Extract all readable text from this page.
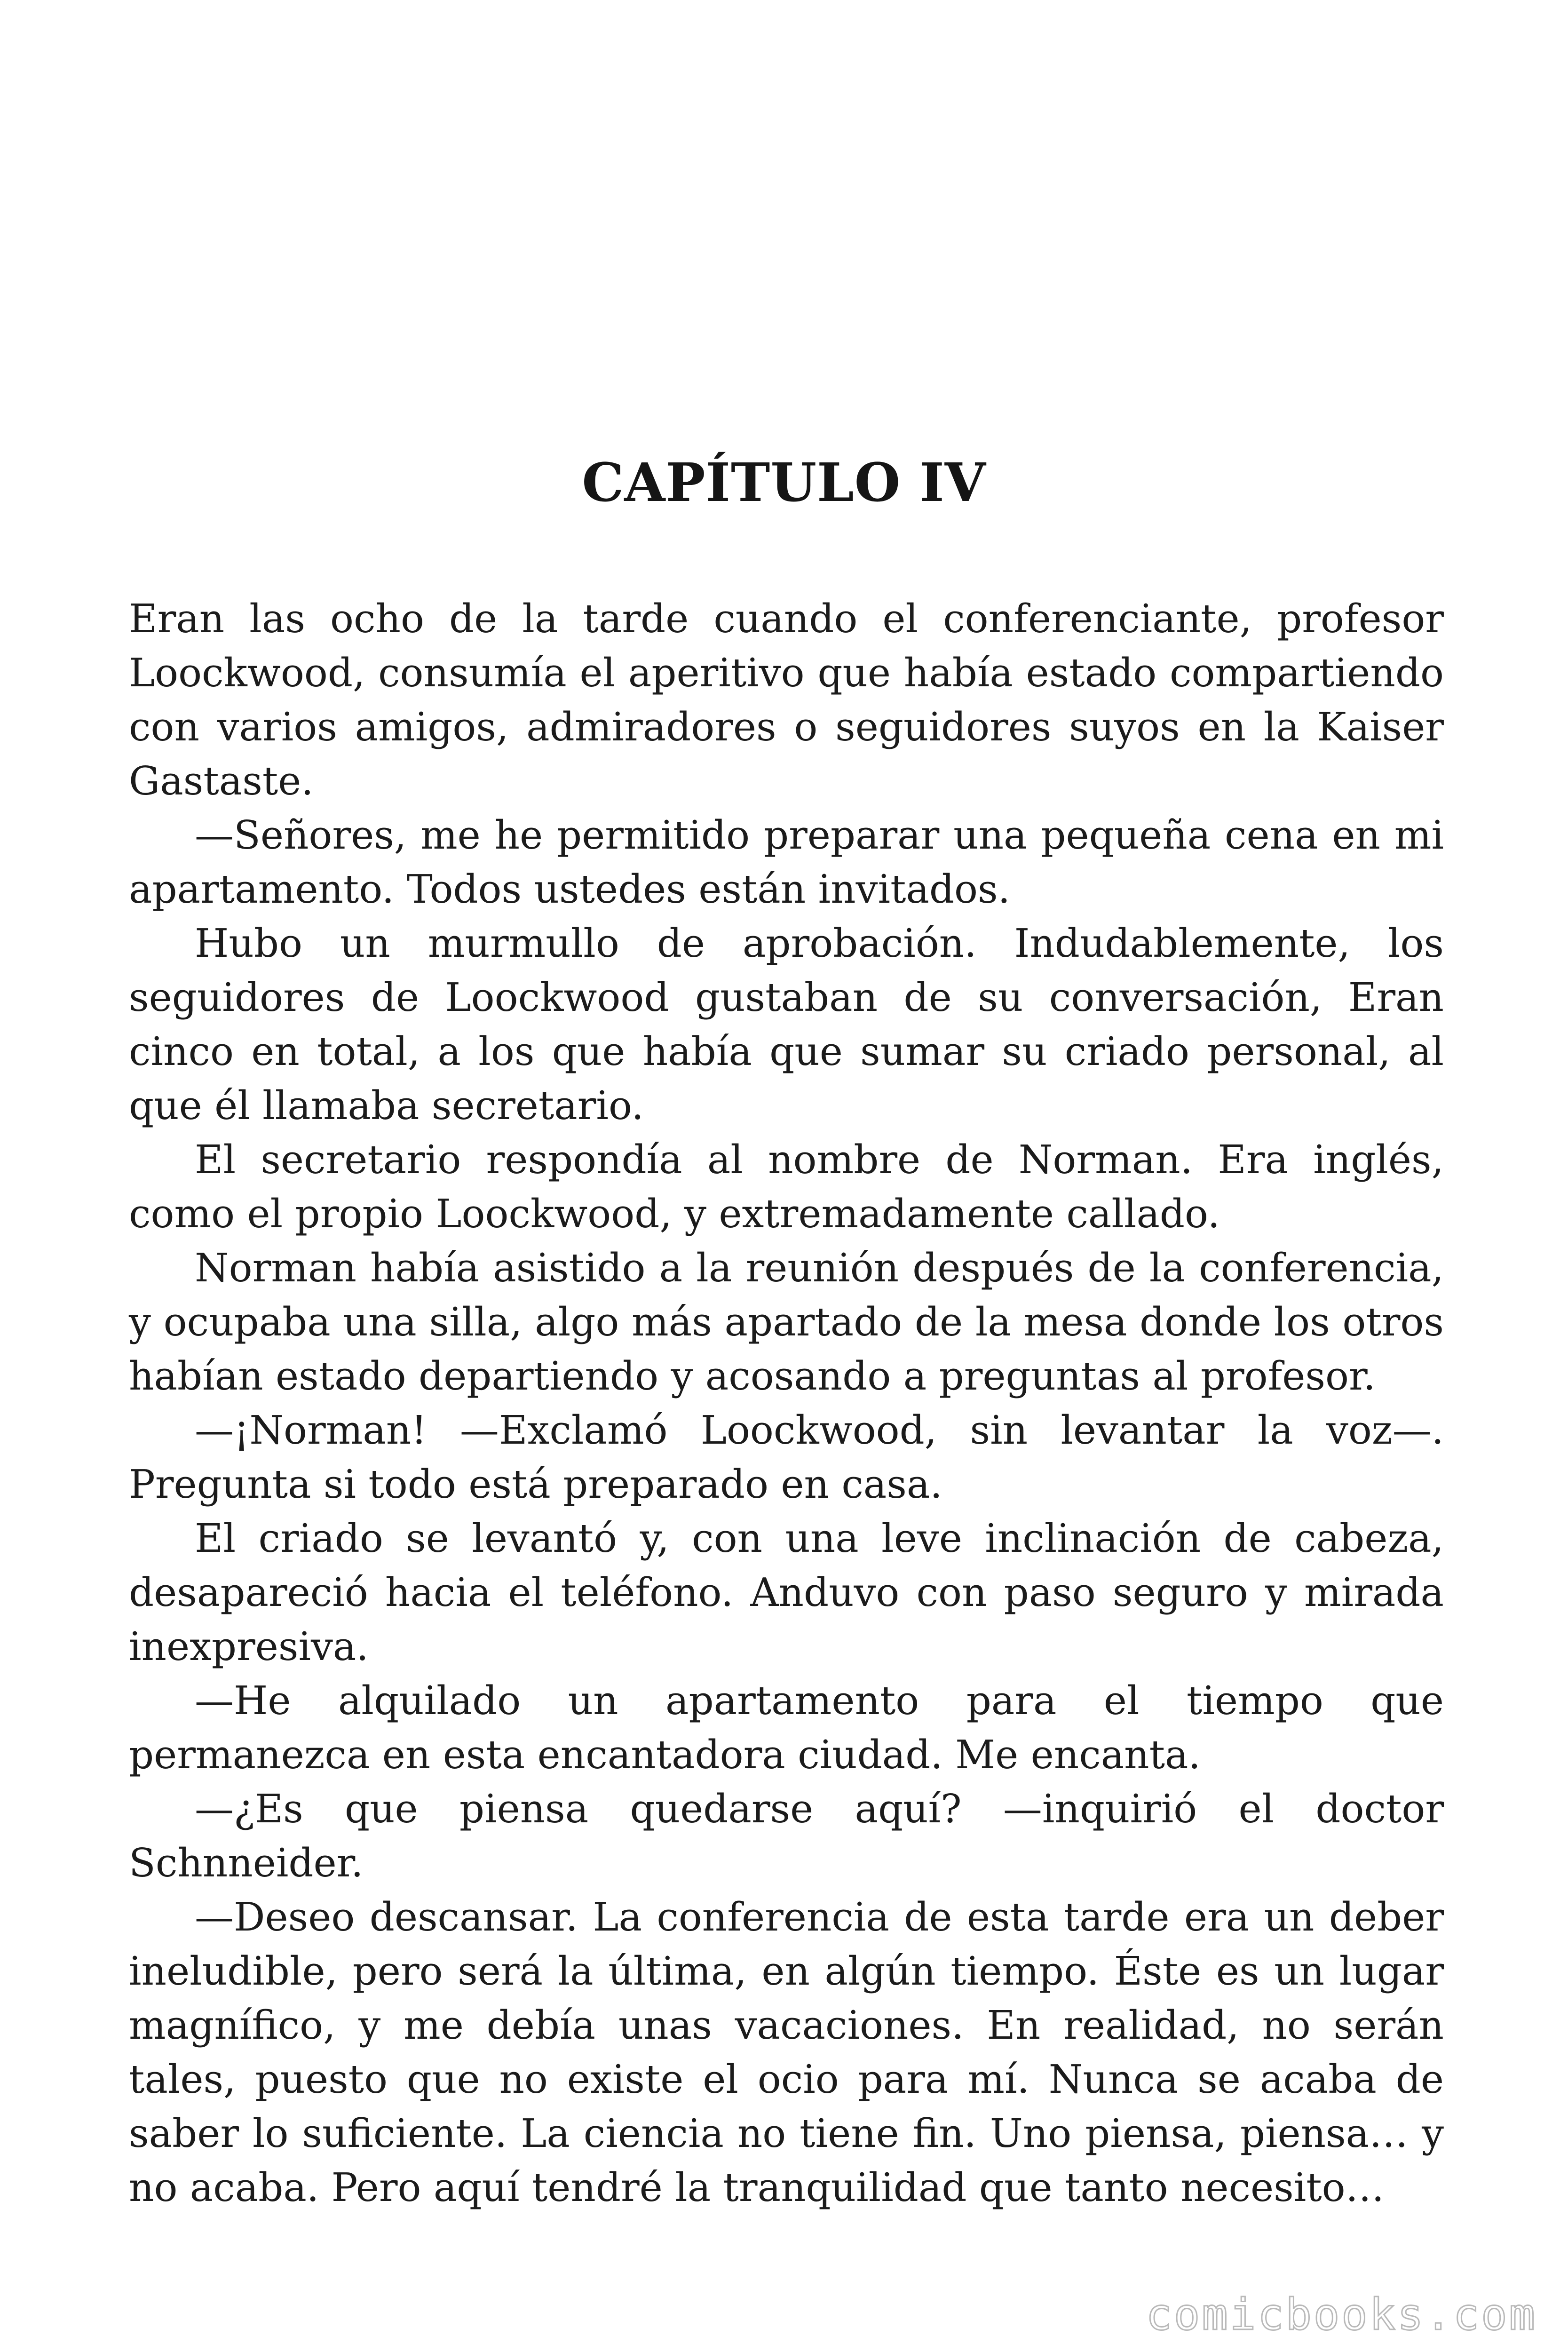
CAPÍTULO IV

Eran las ocho de la tarde cuando el conferenciante, profesor Loockwood, consumía el aperitivo que había estado compartiendo con varios amigos, admiradores o seguidores suyos en la Kaiser Gastaste.

—Señores, me he permitido preparar una pequeña cena en mi apartamento. Todos ustedes están invitados.

Hubo un murmullo de aprobación. Indudablemente, los seguidores de Loockwood gustaban de su conversación, Eran cinco en total, a los que había que sumar su criado personal, al que él llamaba secretario.

El secretario respondía al nombre de Norman. Era inglés, como el propio Loockwood, y extremadamente callado.

Norman había asistido a la reunión después de la conferencia, y ocupaba una silla, algo más apartado de la mesa donde los otros habían estado departiendo y acosando a preguntas al profesor.

—¡Norman! —Exclamó Loockwood, sin levantar la voz—. Pregunta si todo está preparado en casa.

El criado se levantó y, con una leve inclinación de cabeza, desapareció hacia el teléfono. Anduvo con paso seguro y mirada inexpresiva.

—He alquilado un apartamento para el tiempo que permanezca en esta encantadora ciudad. Me encanta.

—¿Es que piensa quedarse aquí? —inquirió el doctor Schnneider.

—Deseo descansar. La conferencia de esta tarde era un deber ineludible, pero será la última, en algún tiempo. Éste es un lugar magnífico, y me debía unas vacaciones. En realidad, no serán tales, puesto que no existe el ocio para mí. Nunca se acaba de saber lo suficiente. La ciencia no tiene fin. Uno piensa, piensa… y no acaba. Pero aquí tendré la tranquilidad que tanto necesito…

comicbooks.com
